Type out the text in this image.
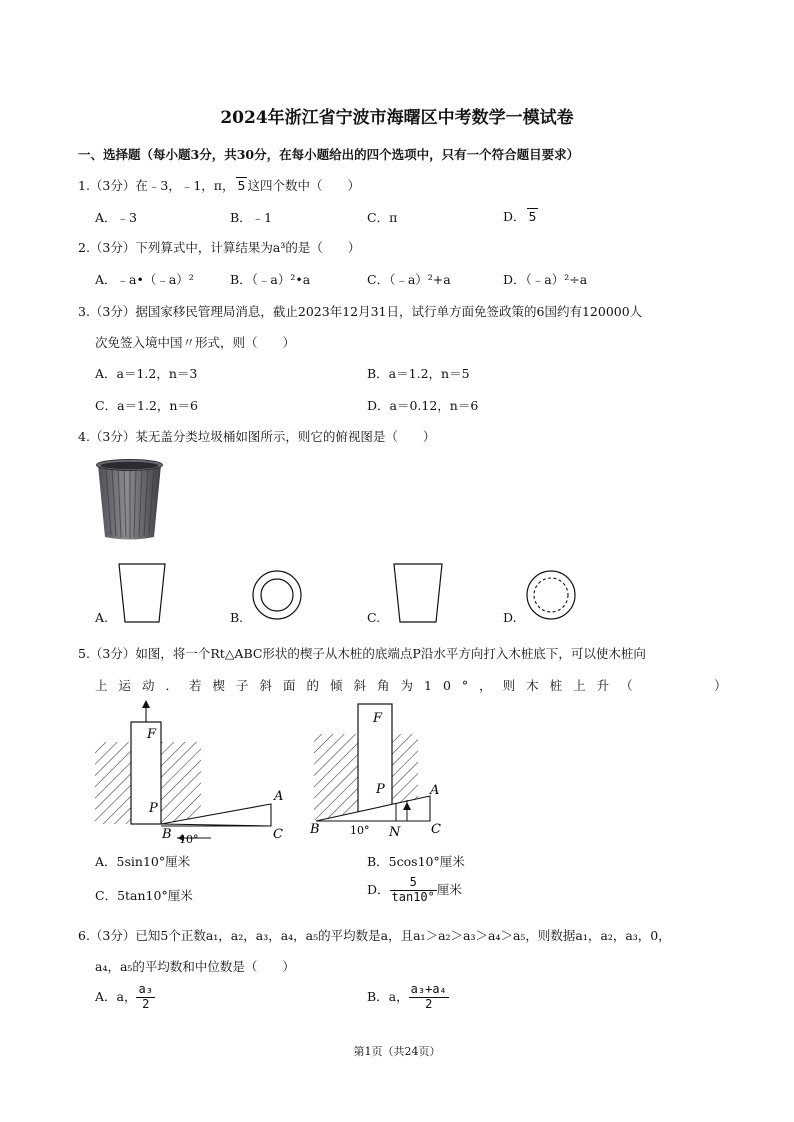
2024年浙江省宁波市海曙区中考数学一模试卷
一、选择题（每小题3分，共30分，在每小题给出的四个选项中，只有一个符合题目要求）
1.（3分）在﹣3，﹣1，π， 5 这四个数中（　　）
A．﹣3	B．﹣1	C．π	D． 5
2.（3分）下列算式中，计算结果为a³的是（　　）
A．﹣a•（﹣a）²	B．（﹣a）²•a	C．（﹣a）²+a	D．（﹣a）²÷a
3.（3分）据国家移民管理局消息，截止2023年12月31日，试行单方面免签政策的6国约有120000人
次免签入境中国〃形式，则（　　）
A．a＝1.2，n＝3	B．a＝1.2，n＝5
C．a＝1.2，n＝6	D．a＝0.12，n＝6
4.（3分）某无盖分类垃圾桶如图所示，则它的俯视图是（　　）
A.	B.	C.	D.
5.（3分）如图，将一个Rt△ABC形状的楔子从木桩的底端点P沿水平方向打入木桩底下，可以使木桩向
上运动．若楔子斜面的倾斜角为10°，则木桩上升（　　　）
F
P
A
B	C
10°
F
P	A
B	C
N
10°
A．5sin10°厘米	B．5cos10°厘米
C．5tan10°厘米	D． $\frac{5}{\tan 10^\circ}$ 厘米
6.（3分）已知5个正数a₁，a₂，a₃，a₄，a₅的平均数是a，且a₁＞a₂＞a₃＞a₄＞a₅，则数据a₁，a₂，a₃，0，
a₄，a₅的平均数和中位数是（　　）
A．a， $\frac{\text{a₃}}{2}$	B．a， $\frac{\text{a₃+a₄}}{2}$
第1页（共24页）
